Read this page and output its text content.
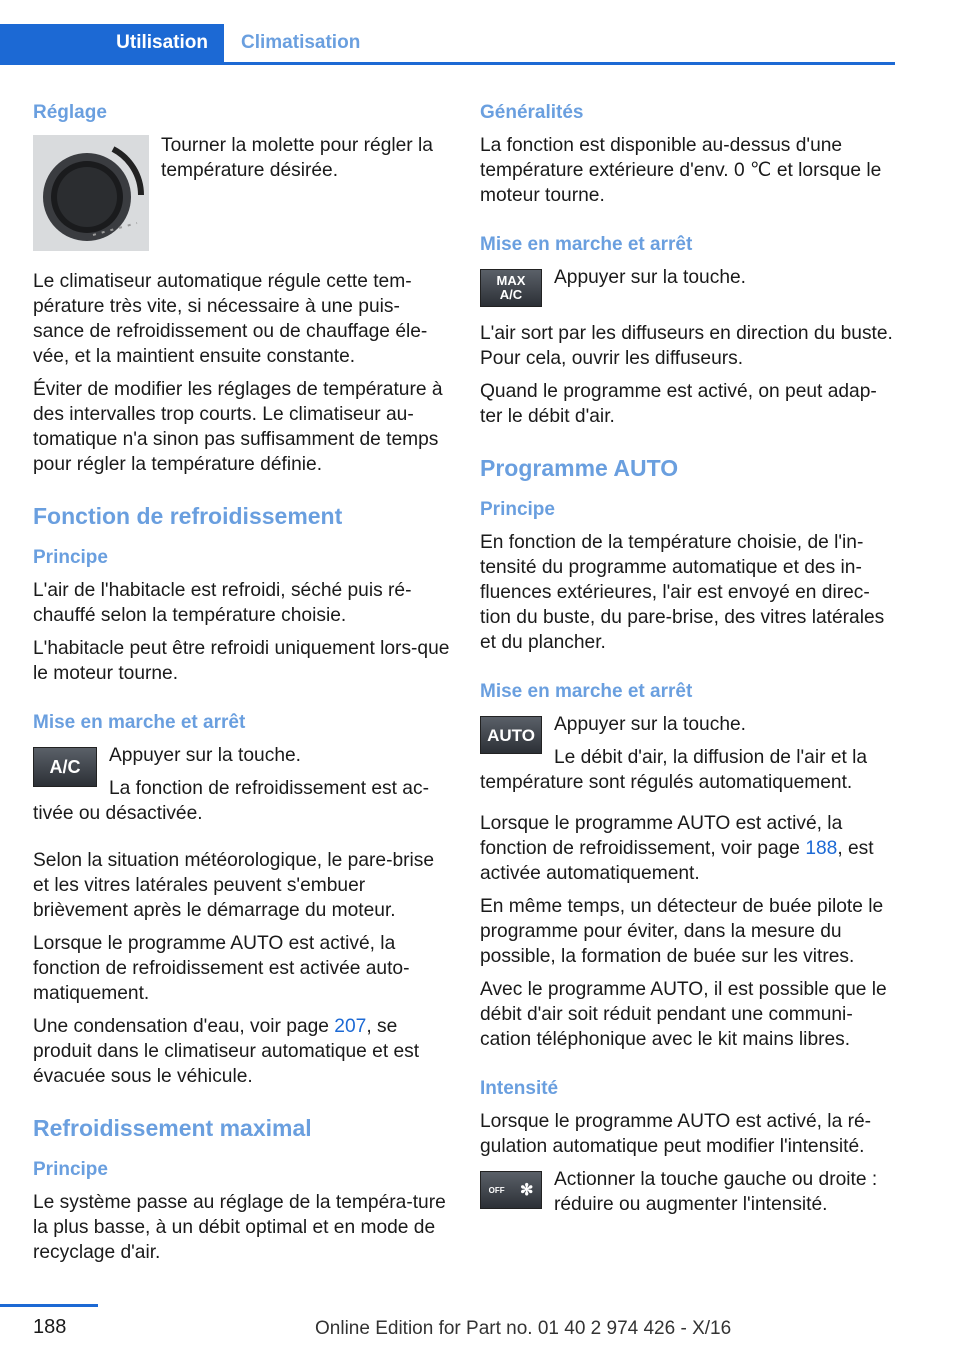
Utilisation	Climatisation
Réglage

Tourner la molette pour régler la température désirée.

Le climatiseur automatique régule cette tem‐pérature très vite, si nécessaire à une puis‐sance de refroidissement ou de chauffage éle‐vée, et la maintient ensuite constante.

Éviter de modifier les réglages de température à des intervalles trop courts. Le climatiseur au‐tomatique n'a sinon pas suffisamment de temps pour régler la température définie.

Fonction de refroidissement
Principe

L'air de l'habitacle est refroidi, séché puis ré‐chauffé selon la température choisie.

L'habitacle peut être refroidi uniquement lors‐que le moteur tourne.

Mise en marche et arrêt
A/C

Appuyer sur la touche.

La fonction de refroidissement est ac‐tivée ou désactivée.

Selon la situation météorologique, le pare‐brise et les vitres latérales peuvent s'embuer brièvement après le démarrage du moteur.

Lorsque le programme AUTO est activé, la fonction de refroidissement est activée auto‐matiquement.

Une condensation d'eau, voir page 207, se produit dans le climatiseur automatique et est évacuée sous le véhicule.

Refroidissement maximal
Principe

Le système passe au réglage de la tempéra‐ture la plus basse, à un débit optimal et en mode de recyclage d'air.

Généralités

La fonction est disponible au-dessus d'une température extérieure d'env. 0 ℃ et lorsque le moteur tourne.

Mise en marche et arrêt
MAX
A/C

Appuyer sur la touche.

L'air sort par les diffuseurs en direction du buste. Pour cela, ouvrir les diffuseurs.

Quand le programme est activé, on peut adap‐ter le débit d'air.

Programme AUTO
Principe

En fonction de la température choisie, de l'in‐tensité du programme automatique et des in‐fluences extérieures, l'air est envoyé en direc‐tion du buste, du pare-brise, des vitres latérales et du plancher.

Mise en marche et arrêt
AUTO Appuyer sur la touche.

Le débit d'air, la diffusion de l'air et la température sont régulés automatiquement.

Lorsque le programme AUTO est activé, la fonction de refroidissement, voir page 188, est activée automatiquement.

En même temps, un détecteur de buée pilote le programme pour éviter, dans la mesure du possible, la formation de buée sur les vitres.

Avec le programme AUTO, il est possible que le débit d'air soit réduit pendant une communi‐cation téléphonique avec le kit mains libres.

Intensité

Lorsque le programme AUTO est activé, la ré‐gulation automatique peut modifier l'intensité.

OFF ✻	Actionner la touche gauche ou droite : réduire ou augmenter l'intensité.

188	Online Edition for Part no. 01 40 2 974 426 - X/16
